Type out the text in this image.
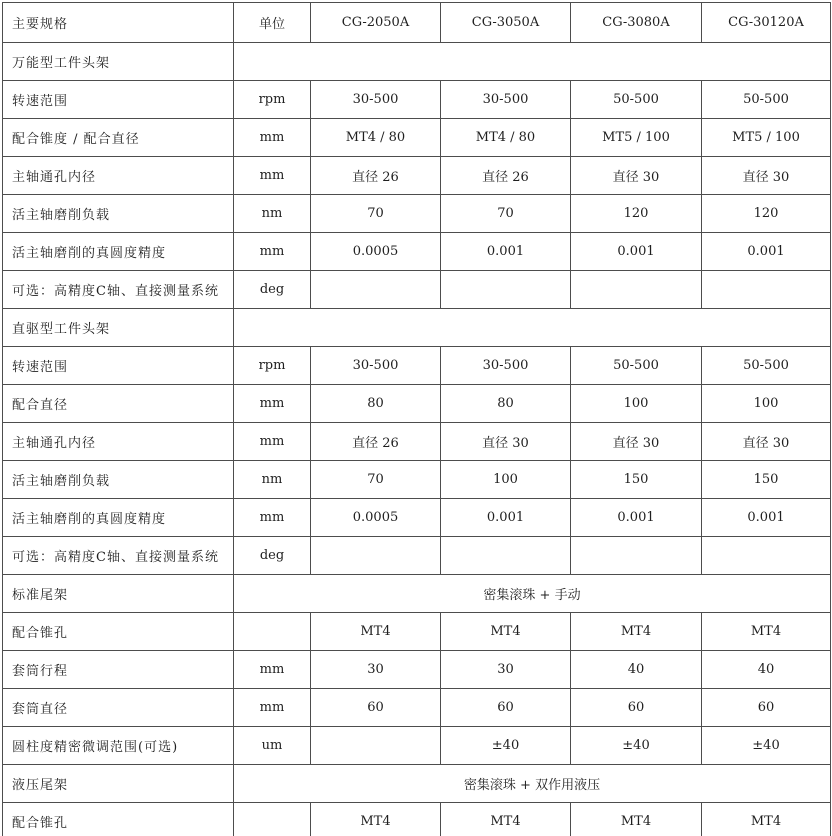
主要规格	单位	CG-2050A	CG-3050A	CG-3080A	CG-30120A
万能型工件头架					
转速范围	rpm	30-500	30-500	50-500	50-500
配合锥度 / 配合直径	mm	MT4 / 80	MT4 / 80	MT5 / 100	MT5 / 100
主轴通孔内径	mm	直径 26	直径 26	直径 30	直径 30
活主轴磨削负载	nm	70	70	120	120
活主轴磨削的真圆度精度	mm	0.0005	0.001	0.001	0.001
可选：高精度C轴、直接测量系统	deg				
直驱型工件头架					
转速范围	rpm	30-500	30-500	50-500	50-500
配合直径	mm	80	80	100	100
主轴通孔内径	mm	直径 26	直径 30	直径 30	直径 30
活主轴磨削负载	nm	70	100	150	150
活主轴磨削的真圆度精度	mm	0.0005	0.001	0.001	0.001
可选：高精度C轴、直接测量系统	deg				
标准尾架	密集滚珠 + 手动				
配合锥孔		MT4	MT4	MT4	MT4
套筒行程	mm	30	30	40	40
套筒直径	mm	60	60	60	60
圆柱度精密微调范围(可选)	um		±40	±40	±40
液压尾架	密集滚珠 + 双作用液压				
配合锥孔		MT4	MT4	MT4	MT4
